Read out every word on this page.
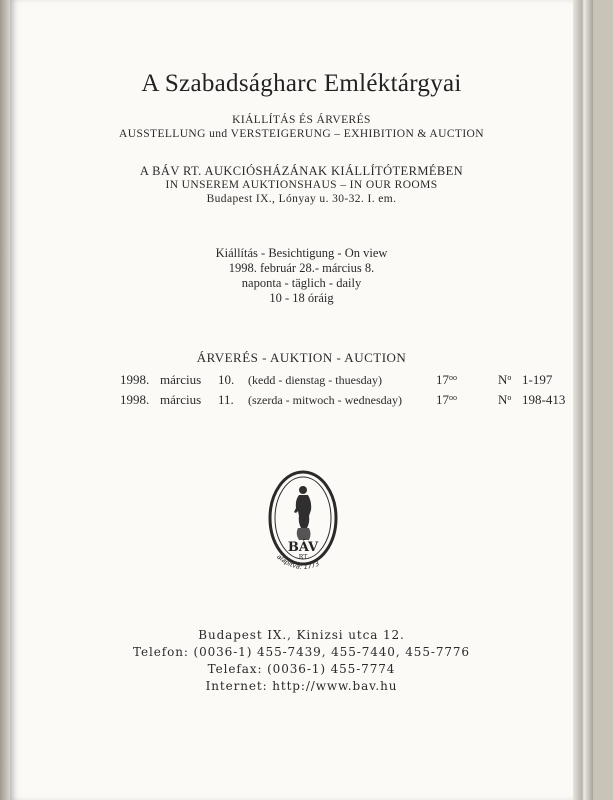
A Szabadságharc Emléktárgyai
KIÁLLÍTÁS ÉS ÁRVERÉS
AUSSTELLUNG und VERSTEIGERUNG – EXHIBITION & AUCTION
A BÁV RT. AUKCIÓSHÁZÁNAK KIÁLLÍTÓTERMÉBEN
IN UNSEREM AUKTIONSHAUS – IN OUR ROOMS
Budapest IX., Lónyay u. 30-32. I. em.
Kiállítás - Besichtigung - On view
1998. február 28.- március 8.
naponta - täglich - daily
10 - 18 óráig
ÁRVERÉS - AUKTION - AUCTION
1998.	március	10.	(kedd - dienstag - thuesday)	$17^{oo}$	$N^o$	1-197
1998.	március	11.	(szerda - mitwoch - wednesday)	$17^{oo}$	$N^o$	198-413
BÁV
RT
alapítva: 1773
Budapest IX., Kinizsi utca 12.
Telefon: (0036-1) 455-7439, 455-7440, 455-7776
Telefax: (0036-1) 455-7774
Internet: http://www.bav.hu
